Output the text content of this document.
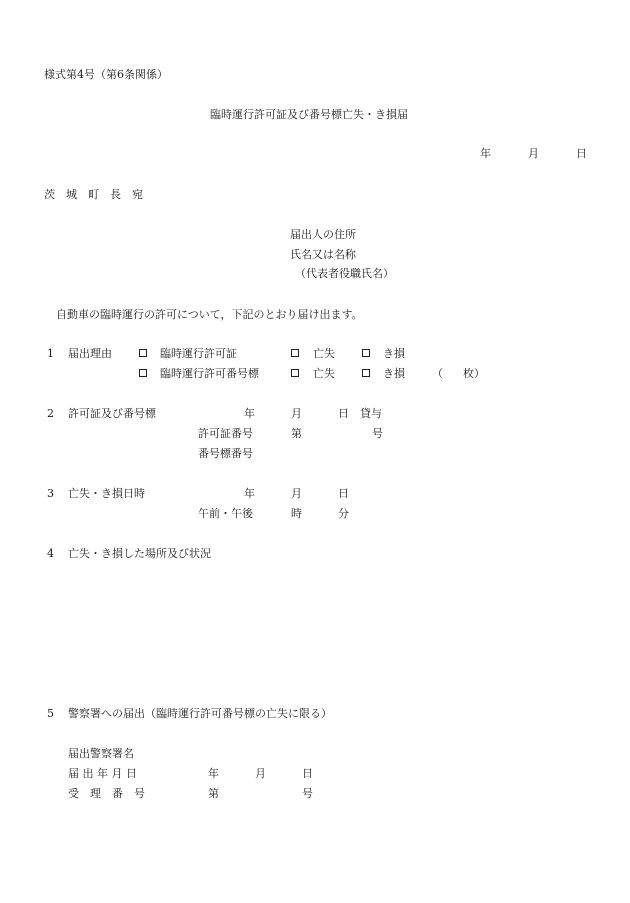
様式第4号（第6条関係）
臨時運行許可証及び番号標亡失・き損届
年	月	日
茨　城　町　長　宛
届出人の住所
氏名又は名称
（代表者役職氏名）
自動車の臨時運行の許可について，下記のとおり届け出ます。
1 届出理由	臨時運行許可証	亡失	き損
臨時運行許可番号標	亡失	き損 （ 枚）
2 許可証及び番号標	年	月	日 貸与
許可証番号	第	号
番号標番号
3 亡失・き損日時	年	月	日
午前・午後	時	分
4 亡失・き損した場所及び状況
5 警察署への届出（臨時運行許可番号標の亡失に限る）
届出警察署名
届 出 年 月 日	年	月	日
受　理　番　号	第	号
